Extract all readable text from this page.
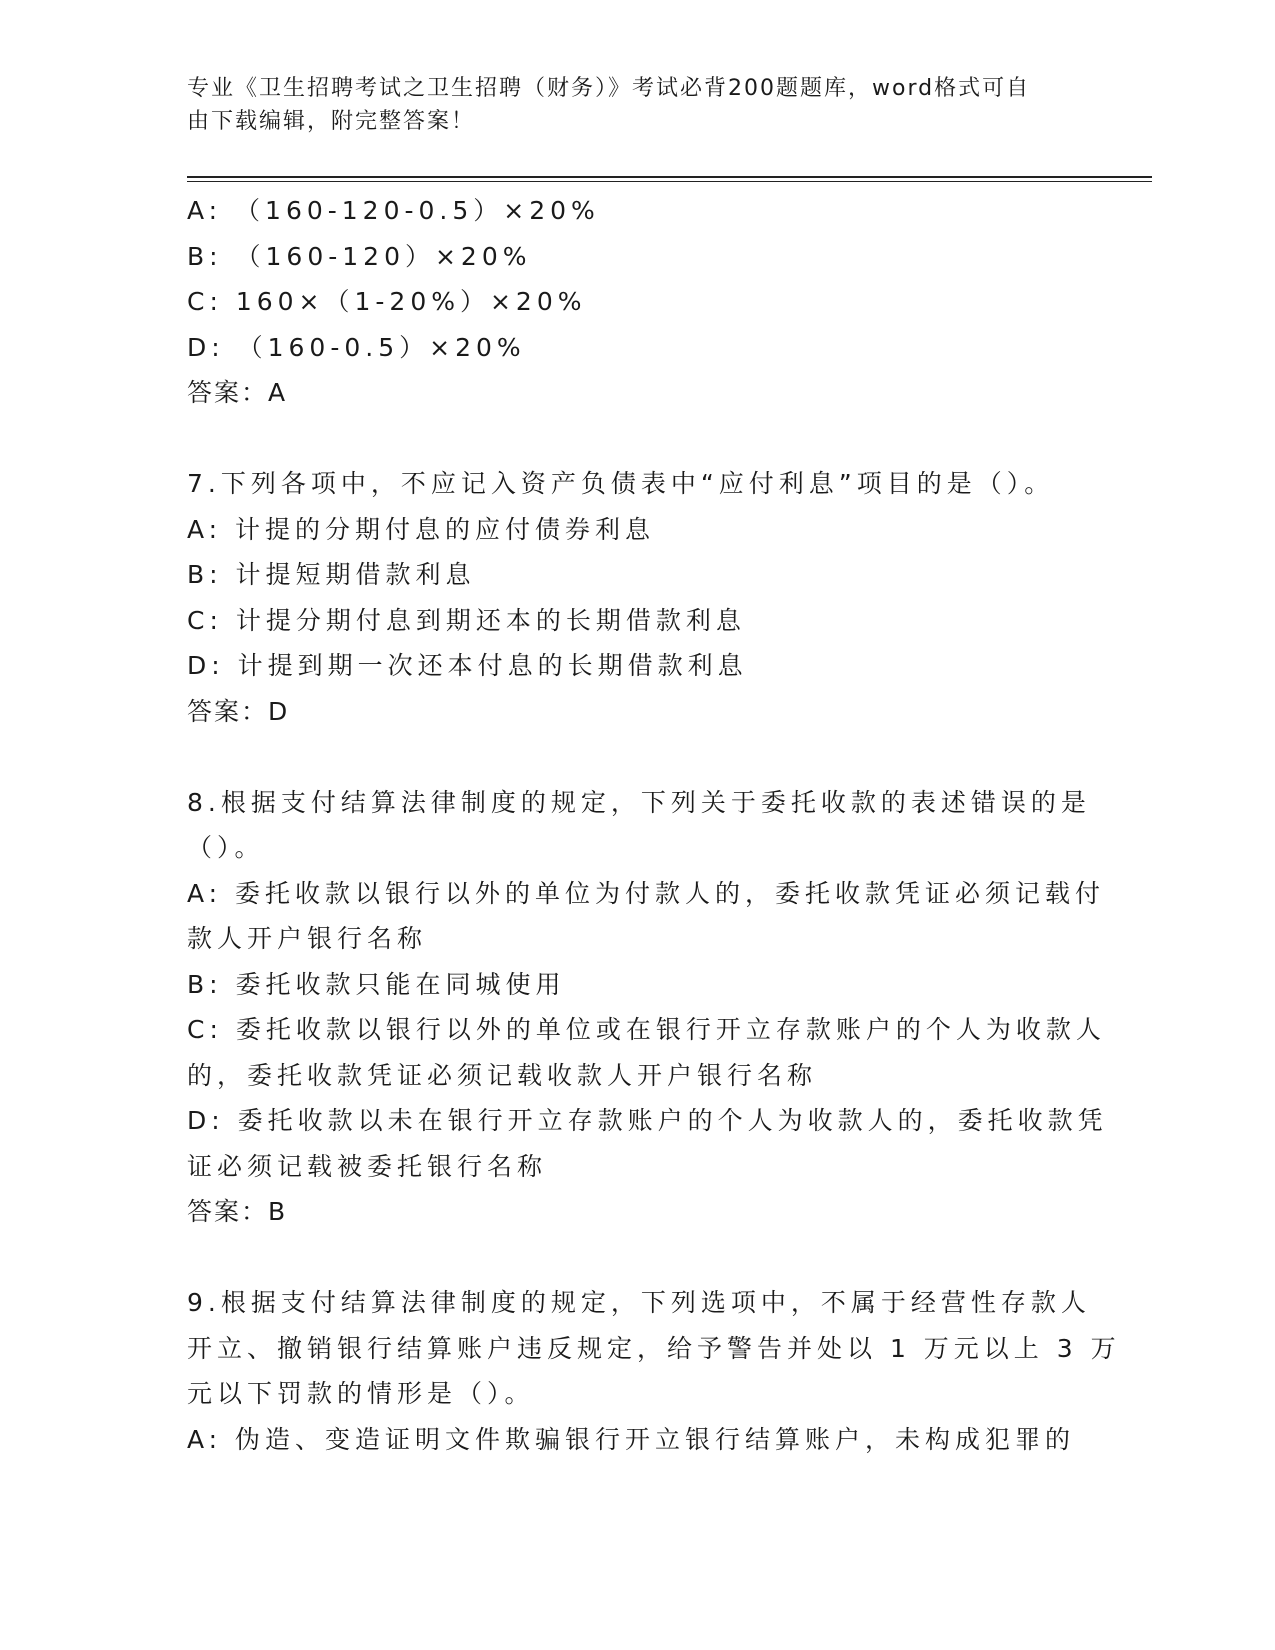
专业《卫生招聘考试之卫生招聘（财务）》考试必背200题题库，word格式可自
由下载编辑，附完整答案！
A: （160-120-0.5）×20%
B: （160-120）×20%
C: 160×（1-20%）×20%
D: （160-0.5）×20%
答案：A
7.下列各项中，不应记入资产负债表中“应付利息”项目的是（）。
A: 计提的分期付息的应付债券利息
B: 计提短期借款利息
C: 计提分期付息到期还本的长期借款利息
D: 计提到期一次还本付息的长期借款利息
答案：D
8.根据支付结算法律制度的规定，下列关于委托收款的表述错误的是
（）。
A: 委托收款以银行以外的单位为付款人的，委托收款凭证必须记载付
款人开户银行名称
B: 委托收款只能在同城使用
C: 委托收款以银行以外的单位或在银行开立存款账户的个人为收款人
的，委托收款凭证必须记载收款人开户银行名称
D: 委托收款以未在银行开立存款账户的个人为收款人的，委托收款凭
证必须记载被委托银行名称
答案：B
9.根据支付结算法律制度的规定，下列选项中，不属于经营性存款人
开立、撤销银行结算账户违反规定，给予警告并处以 1 万元以上 3 万
元以下罚款的情形是（）。
A: 伪造、变造证明文件欺骗银行开立银行结算账户，未构成犯罪的
